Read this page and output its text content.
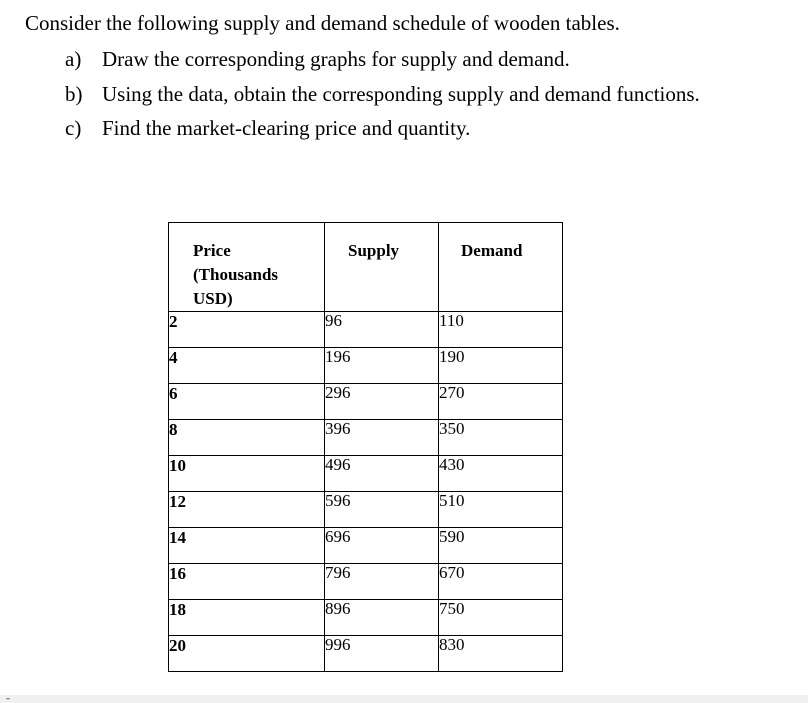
Consider the following supply and demand schedule of wooden tables.
a) Draw the corresponding graphs for supply and demand.
b) Using the data, obtain the corresponding supply and demand functions.
c) Find the market-clearing price and quantity.
Price
(Thousands
USD)	Supply	Demand

2	96	110
4	196	190
6	296	270
8	396	350
10	496	430
12	596	510
14	696	590
16	796	670
18	896	750
20	996	830
